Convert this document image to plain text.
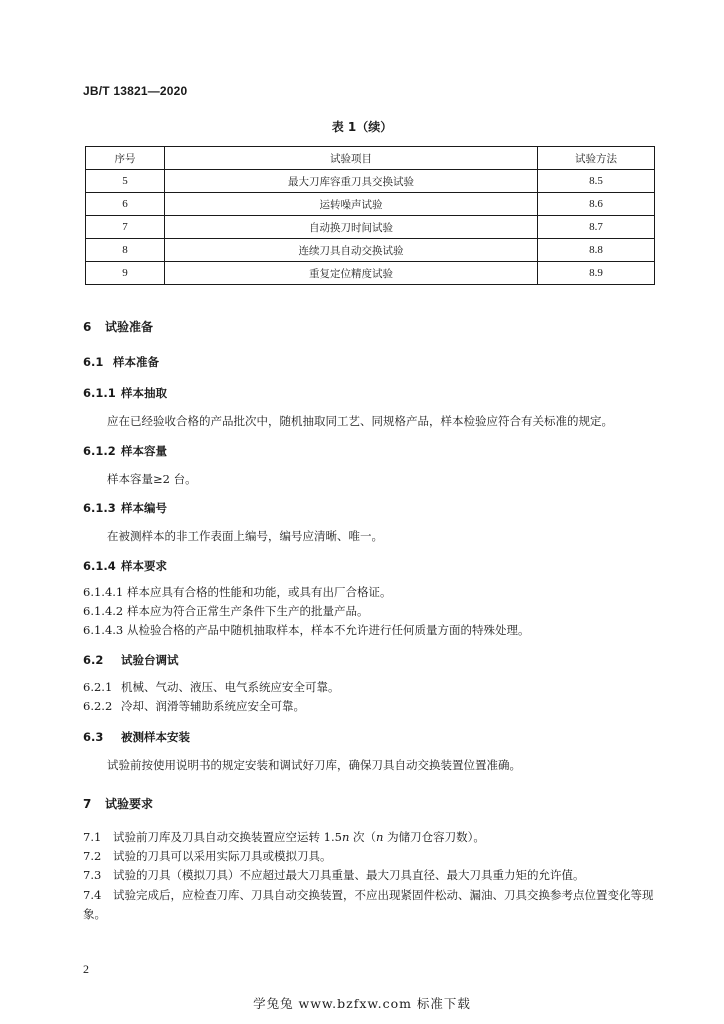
JB/T 13821—2020
表 1（续）
序号	试验项目	试验方法
5	最大刀库容重刀具交换试验	8.5
6	运转噪声试验	8.6
7	自动换刀时间试验	8.7
8	连续刀具自动交换试验	8.8
9	重复定位精度试验	8.9
6 试验准备
6.1 样本准备
6.1.1 样本抽取
应在已经验收合格的产品批次中，随机抽取同工艺、同规格产品，样本检验应符合有关标准的规定。
6.1.2 样本容量
样本容量≥2 台。
6.1.3 样本编号
在被测样本的非工作表面上编号，编号应清晰、唯一。
6.1.4 样本要求
6.1.4.1 样本应具有合格的性能和功能，或具有出厂合格证。
6.1.4.2 样本应为符合正常生产条件下生产的批量产品。
6.1.4.3 从检验合格的产品中随机抽取样本，样本不允许进行任何质量方面的特殊处理。
6.2 试验台调试
6.2.1 机械、气动、液压、电气系统应安全可靠。
6.2.2 冷却、润滑等辅助系统应安全可靠。
6.3 被测样本安装
试验前按使用说明书的规定安装和调试好刀库，确保刀具自动交换装置位置准确。
7 试验要求
7.1 试验前刀库及刀具自动交换装置应空运转 1.5n 次（n 为储刀仓容刀数）。
7.2 试验的刀具可以采用实际刀具或模拟刀具。
7.3 试验的刀具（模拟刀具）不应超过最大刀具重量、最大刀具直径、最大刀具重力矩的允许值。
7.4 试验完成后，应检查刀库、刀具自动交换装置，不应出现紧固件松动、漏油、刀具交换参考点位置变化等现象。
2
学兔兔 www.bzfxw.com 标准下载
